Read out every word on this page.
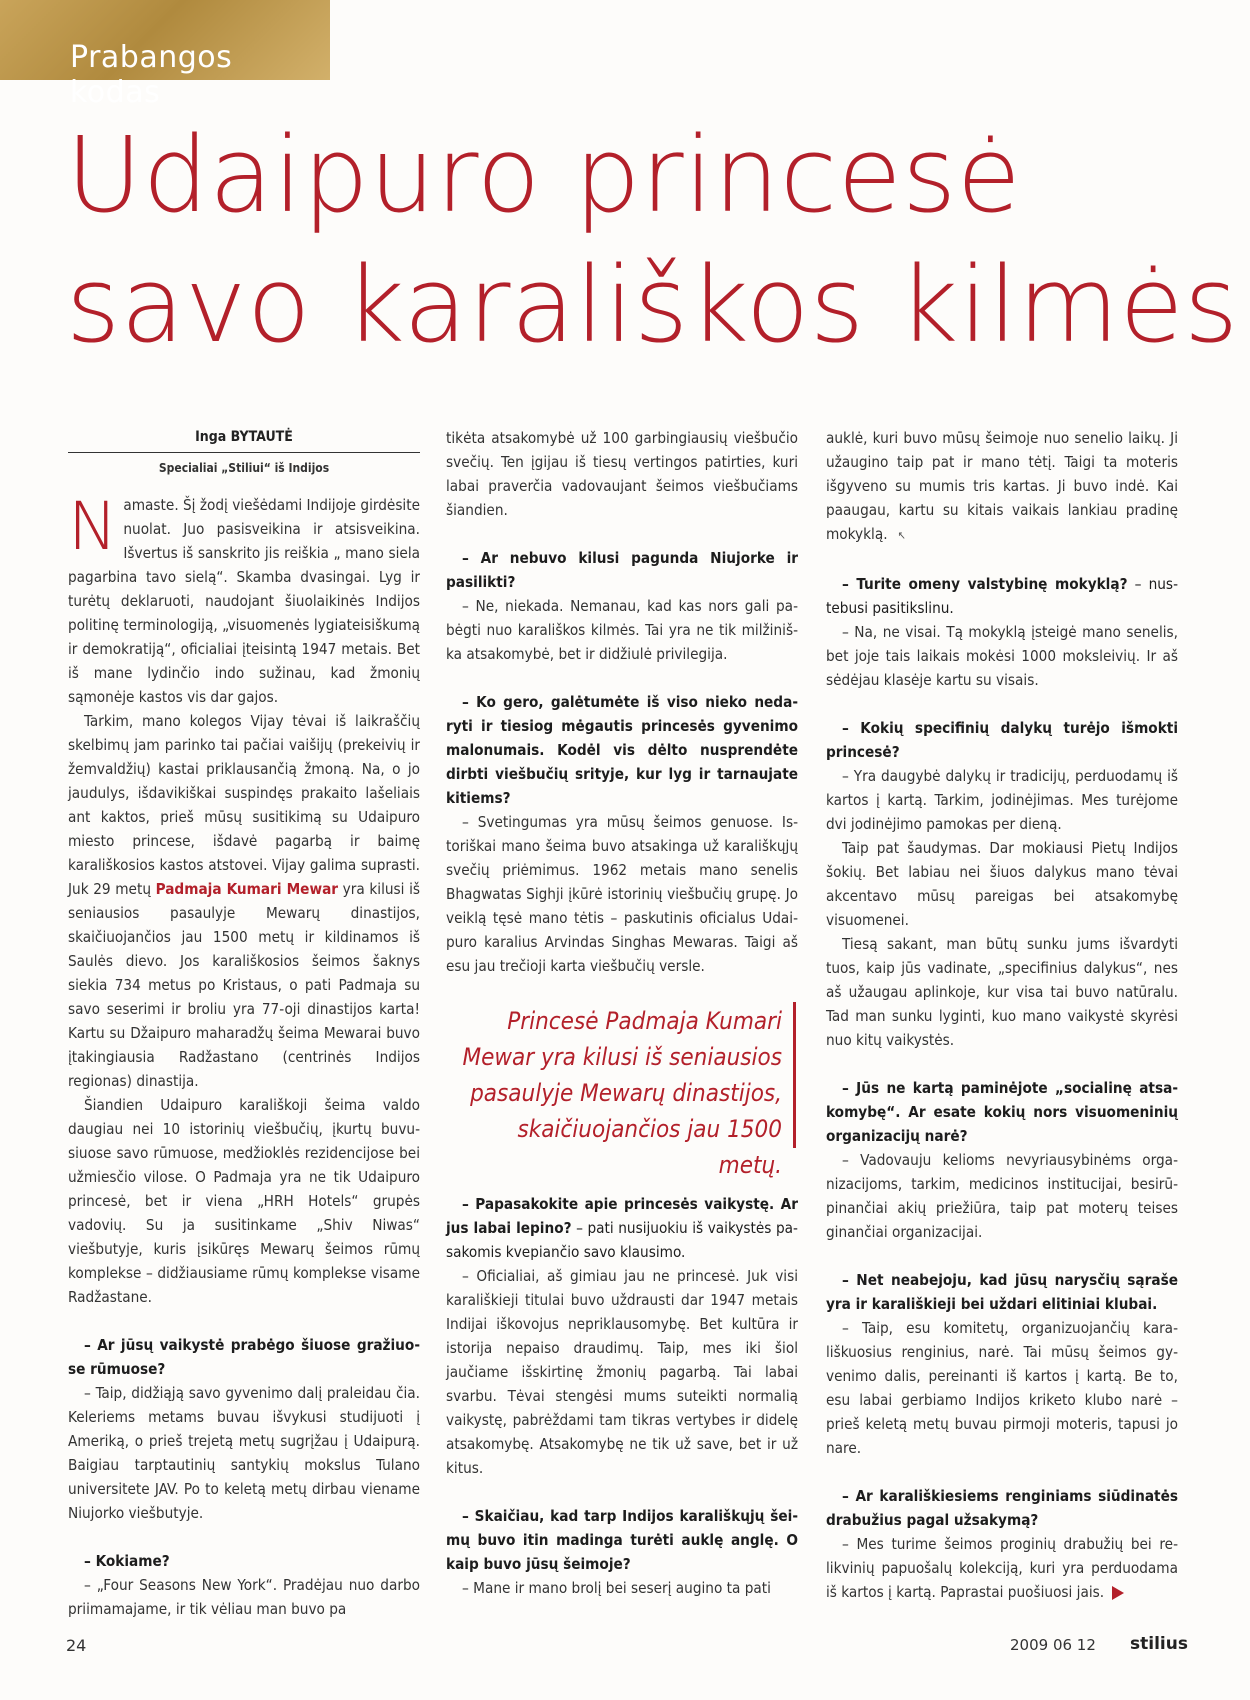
Prabangos kodas
Udaipuro princesė
savo karališkos kilmės
Inga BYTAUTĖ
Specialiai „Stiliui“ iš Indijos

Namaste. Šį žodį viešėdami Indijoje girdėsite nuolat. Juo pasisveikina ir atsisveikina. Išvertus iš sanskrito jis reiškia „ mano siela pagarbina tavo sielą“. Skamba dvasingai. Lyg ir turėtų deklaruoti, naudojant šiuolaikinės Indijos politinę terminologiją, „visuomenės lygiateisiškumą ir demokratiją“, oficialiai įteisintą 1947 metais. Bet iš mane lydinčio indo sužinau, kad žmonių sąmonėje kastos vis dar gajos.

Tarkim, mano kolegos Vijay tėvai iš laikraščių skelbimų jam parinko tai pačiai vaišijų (prekeivių ir žemvaldžių) kastai priklausančią žmoną. Na, o jo jaudulys, išdavikiškai suspindęs prakaito lašeliais ant kaktos, prieš mūsų susitikimą su Udaipuro miesto princese, išdavė pagarbą ir baimę karališkosios kastos atstovei. Vijay galima suprasti. Juk 29 metų Padmaja Kumari Mewar yra kilusi iš seniausios pasaulyje Mewarų dinastijos, skaičiuojančios jau 1500 metų ir kildinamos iš Saulės dievo. Jos karališkosios šeimos šaknys siekia 734 metus po Kristaus, o pati Padmaja su savo seserimi ir broliu yra 77-oji dinastijos karta! Kartu su Džaipuro maharadžų šeima Mewarai buvo įtakingiausia Radžastano (centrinės Indijos regionas) dinastija.

Šiandien Udaipuro karališkoji šeima valdo daugiau nei 10 istorinių viešbučių, įkurtų buvusiuose savo rūmuose, medžioklės rezidencijose bei užmiesčio vilose. O Padmaja yra ne tik Udaipuro princesė, bet ir viena „HRH Hotels“ grupės vadovių. Su ja susitinkame „Shiv Niwas“ viešbutyje, kuris įsikūręs Mewarų šeimos rūmų komplekse – didžiausiame rūmų komplekse visame Radžastane.

– Ar jūsų vaikystė prabėgo šiuose gražiuose rūmuose?

– Taip, didžiąją savo gyvenimo dalį praleidau čia. Keleriems metams buvau išvykusi studijuoti į Ameriką, o prieš trejetą metų sugrįžau į Udaipurą. Baigiau tarptautinių santykių mokslus Tulano universitete JAV. Po to keletą metų dirbau viename Niujorko viešbutyje.

– Kokiame?

– „Four Seasons New York“. Pradėjau nuo darbo priimamajame, ir tik vėliau man buvo pa

tikėta atsakomybė už 100 garbingiausių viešbučio svečių. Ten įgijau iš tiesų vertingos patirties, kuri labai praverčia vadovaujant šeimos viešbučiams šiandien.

– Ar nebuvo kilusi pagunda Niujorke ir pasilikti?

– Ne, niekada. Nemanau, kad kas nors gali pabėgti nuo karališkos kilmės. Tai yra ne tik milžiniška atsakomybė, bet ir didžiulė privilegija.

– Ko gero, galėtumėte iš viso nieko nedaryti ir tiesiog mėgautis princesės gyvenimo malonumais. Kodėl vis dėlto nusprendėte dirbti viešbučių srityje, kur lyg ir tarnaujate kitiems?

– Svetingumas yra mūsų šeimos genuose. Istoriškai mano šeima buvo atsakinga už karališkųjų svečių priėmimus. 1962 metais mano senelis Bhagwatas Sighji įkūrė istorinių viešbučių grupę. Jo veiklą tęsė mano tėtis – paskutinis oficialus Udaipuro karalius Arvindas Singhas Mewaras. Taigi aš esu jau trečioji karta viešbučių versle.

– Papasakokite apie princesės vaikystę. Ar jus labai lepino? – pati nusijuokiu iš vaikystės pasakomis kvepiančio savo klausimo.

– Oficialiai, aš gimiau jau ne princesė. Juk visi karališkieji titulai buvo uždrausti dar 1947 metais Indijai iškovojus nepriklausomybę. Bet kultūra ir istorija nepaiso draudimų. Taip, mes iki šiol jaučiame išskirtinę žmonių pagarbą. Tai labai svarbu. Tėvai stengėsi mums suteikti normalią vaikystę, pabrėždami tam tikras vertybes ir didelę atsakomybę. Atsakomybę ne tik už save, bet ir už kitus.

– Skaičiau, kad tarp Indijos karališkųjų šeimų buvo itin madinga turėti auklę anglę. O kaip buvo jūsų šeimoje?

– Mane ir mano brolį bei seserį augino ta pati

Princesė Padmaja Kumari Mewar yra kilusi iš seniausios pasaulyje Mewarų dinastijos, skaičiuojančios jau 1500 metų.

auklė, kuri buvo mūsų šeimoje nuo senelio laikų. Ji užaugino taip pat ir mano tėtį. Taigi ta moteris išgyveno su mumis tris kartas. Ji buvo indė. Kai paaugau, kartu su kitais vaikais lankiau pradinę mokyklą. ↖

– Turite omeny valstybinę mokyklą? – nustebusi pasitikslinu.

– Na, ne visai. Tą mokyklą įsteigė mano senelis, bet joje tais laikais mokėsi 1000 moksleivių. Ir aš sėdėjau klasėje kartu su visais.

– Kokių specifinių dalykų turėjo išmokti princesė?

– Yra daugybė dalykų ir tradicijų, perduodamų iš kartos į kartą. Tarkim, jodinėjimas. Mes turėjome dvi jodinėjimo pamokas per dieną.

Taip pat šaudymas. Dar mokiausi Pietų Indijos šokių. Bet labiau nei šiuos dalykus mano tėvai akcentavo mūsų pareigas bei atsakomybę visuomenei.

Tiesą sakant, man būtų sunku jums išvardyti tuos, kaip jūs vadinate, „specifinius dalykus“, nes aš užaugau aplinkoje, kur visa tai buvo natūralu. Tad man sunku lyginti, kuo mano vaikystė skyrėsi nuo kitų vaikystės.

– Jūs ne kartą paminėjote „socialinę atsakomybę“. Ar esate kokių nors visuomeninių organizacijų narė?

– Vadovauju kelioms nevyriausybinėms organizacijoms, tarkim, medicinos institucijai, besirūpinančiai akių priežiūra, taip pat moterų teises ginančiai organizacijai.

– Net neabejoju, kad jūsų narysčių sąraše yra ir karališkieji bei uždari elitiniai klubai.

– Taip, esu komitetų, organizuojančių karališkuosius renginius, narė. Tai mūsų šeimos gyvenimo dalis, pereinanti iš kartos į kartą. Be to, esu labai gerbiamo Indijos kriketo klubo narė – prieš keletą metų buvau pirmoji moteris, tapusi jo nare.

– Ar karališkiesiems renginiams siūdinatės drabužius pagal užsakymą?

– Mes turime šeimos proginių drabužių bei relikvinių papuošalų kolekciją, kuri yra perduodama iš kartos į kartą. Paprastai puošiuosi jais.

24	2009 06 12 stilius
